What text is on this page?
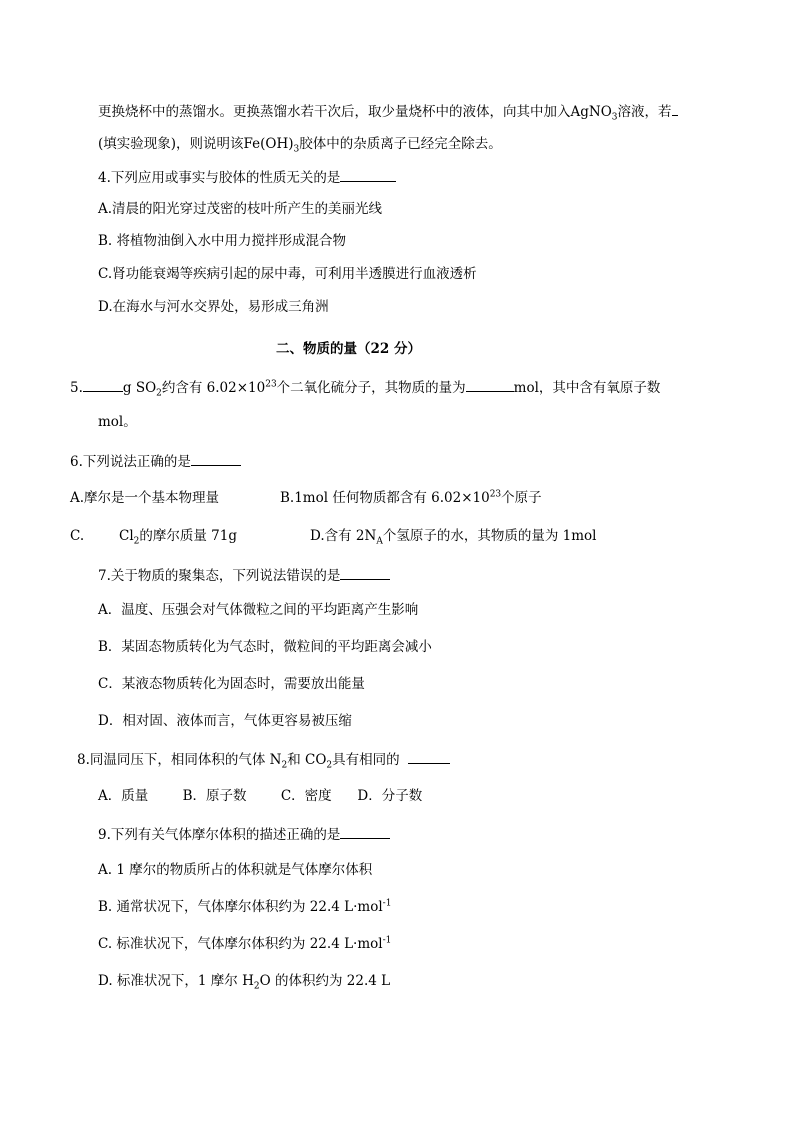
更换烧杯中的蒸馏水。更换蒸馏水若干次后，取少量烧杯中的液体，向其中加入AgNO$_3$溶液，若
(填实验现象)，则说明该$Fe(OH)_3$胶体中的杂质离子已经完全除去。
4.下列应用或事实与胶体的性质无关的是
A.清晨的阳光穿过茂密的枝叶所产生的美丽光线
B. 将植物油倒入水中用力搅拌形成混合物
C.肾功能衰竭等疾病引起的尿中毒，可利用半透膜进行血液透析
D.在海水与河水交界处，易形成三角洲
二、物质的量（22 分）
5.	g $SO_2$约含有 $6.02\times 10^{23}$个二氧化硫分子，其物质的量为	mol，其中含有氧原子数
mol。
6.下列说法正确的是
A.摩尔是一个基本物理量	B.1mol 任何物质都含有 $6.02\times 10^{23}$个原子
C.	$Cl_2$的摩尔质量 71g	D.含有 $2N_A$个氢原子的水，其物质的量为 1mol
7.关于物质的聚集态，下列说法错误的是
A．温度、压强会对气体微粒之间的平均距离产生影响
B．某固态物质转化为气态时，微粒间的平均距离会减小
C．某液态物质转化为固态时，需要放出能量
D．相对固、液体而言，气体更容易被压缩
8.同温同压下，相同体积的气体 $N_2$和 $CO_2$具有相同的
A．质量        B．原子数        C．密度      D．分子数
9.下列有关气体摩尔体积的描述正确的是
A. 1 摩尔的物质所占的体积就是气体摩尔体积
B. 通常状况下，气体摩尔体积约为 22.4 L·mol$^{-1}$
C. 标准状况下，气体摩尔体积约为 22.4 L·mol$^{-1}$
D. 标准状况下，1 摩尔 $H_2O$ 的体积约为 22.4 L
